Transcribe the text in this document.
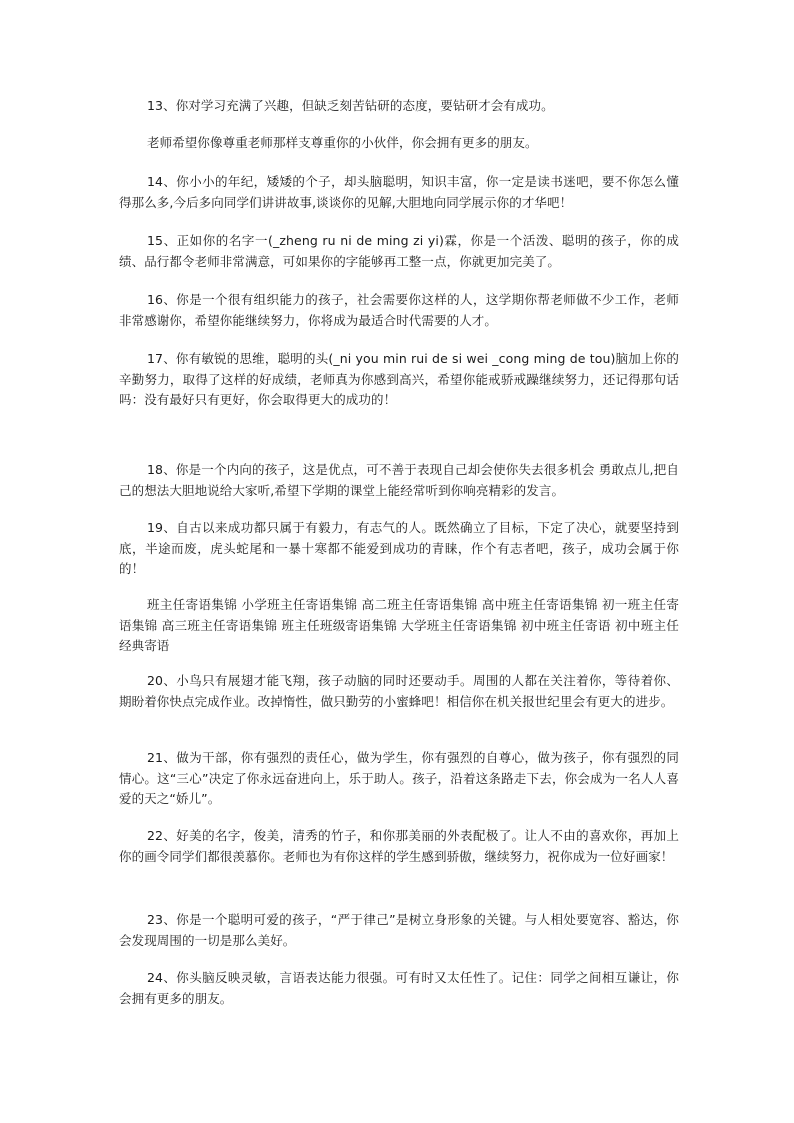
13、你对学习充满了兴趣，但缺乏刻苦钻研的态度，要钻研才会有成功。

老师希望你像尊重老师那样支尊重你的小伙伴，你会拥有更多的朋友。

14、你小小的年纪，矮矮的个子，却头脑聪明，知识丰富，你一定是读书迷吧，要不你怎么懂得那么多,今后多向同学们讲讲故事,谈谈你的见解,大胆地向同学展示你的才华吧！

15、正如你的名字一(_zheng ru ni de ming zi yi)霖，你是一个活泼、聪明的孩子，你的成绩、品行都令老师非常满意，可如果你的字能够再工整一点，你就更加完美了。

16、你是一个很有组织能力的孩子，社会需要你这样的人，这学期你帮老师做不少工作，老师非常感谢你，希望你能继续努力，你将成为最适合时代需要的人才。

17、你有敏锐的思维，聪明的头(_ni you min rui de si wei _cong ming de tou)脑加上你的辛勤努力，取得了这样的好成绩，老师真为你感到高兴，希望你能戒骄戒躁继续努力，还记得那句话吗：没有最好只有更好，你会取得更大的成功的！

18、你是一个内向的孩子，这是优点，可不善于表现自己却会使你失去很多机会 勇敢点儿,把自己的想法大胆地说给大家听,希望下学期的课堂上能经常听到你响亮精彩的发言。

19、自古以来成功都只属于有毅力，有志气的人。既然确立了目标，下定了决心，就要坚持到底，半途而废，虎头蛇尾和一暴十寒都不能爱到成功的青睐，作个有志者吧，孩子，成功会属于你的！

班主任寄语集锦 小学班主任寄语集锦 高二班主任寄语集锦 高中班主任寄语集锦 初一班主任寄语集锦 高三班主任寄语集锦 班主任班级寄语集锦 大学班主任寄语集锦 初中班主任寄语 初中班主任经典寄语

20、小鸟只有展翅才能飞翔，孩子动脑的同时还要动手。周围的人都在关注着你，等待着你、期盼着你快点完成作业。改掉惰性，做只勤劳的小蜜蜂吧！相信你在机关报世纪里会有更大的进步。

21、做为干部，你有强烈的责任心，做为学生，你有强烈的自尊心，做为孩子，你有强烈的同情心。这“三心”决定了你永远奋进向上，乐于助人。孩子，沿着这条路走下去，你会成为一名人人喜爱的天之“娇儿”。

22、好美的名字，俊美，清秀的竹子，和你那美丽的外表配极了。让人不由的喜欢你，再加上你的画令同学们都很羡慕你。老师也为有你这样的学生感到骄傲，继续努力，祝你成为一位好画家！

23、你是一个聪明可爱的孩子，“严于律己”是树立身形象的关键。与人相处要宽容、豁达，你会发现周围的一切是那么美好。

24、你头脑反映灵敏，言语表达能力很强。可有时又太任性了。记住：同学之间相互谦让，你会拥有更多的朋友。
